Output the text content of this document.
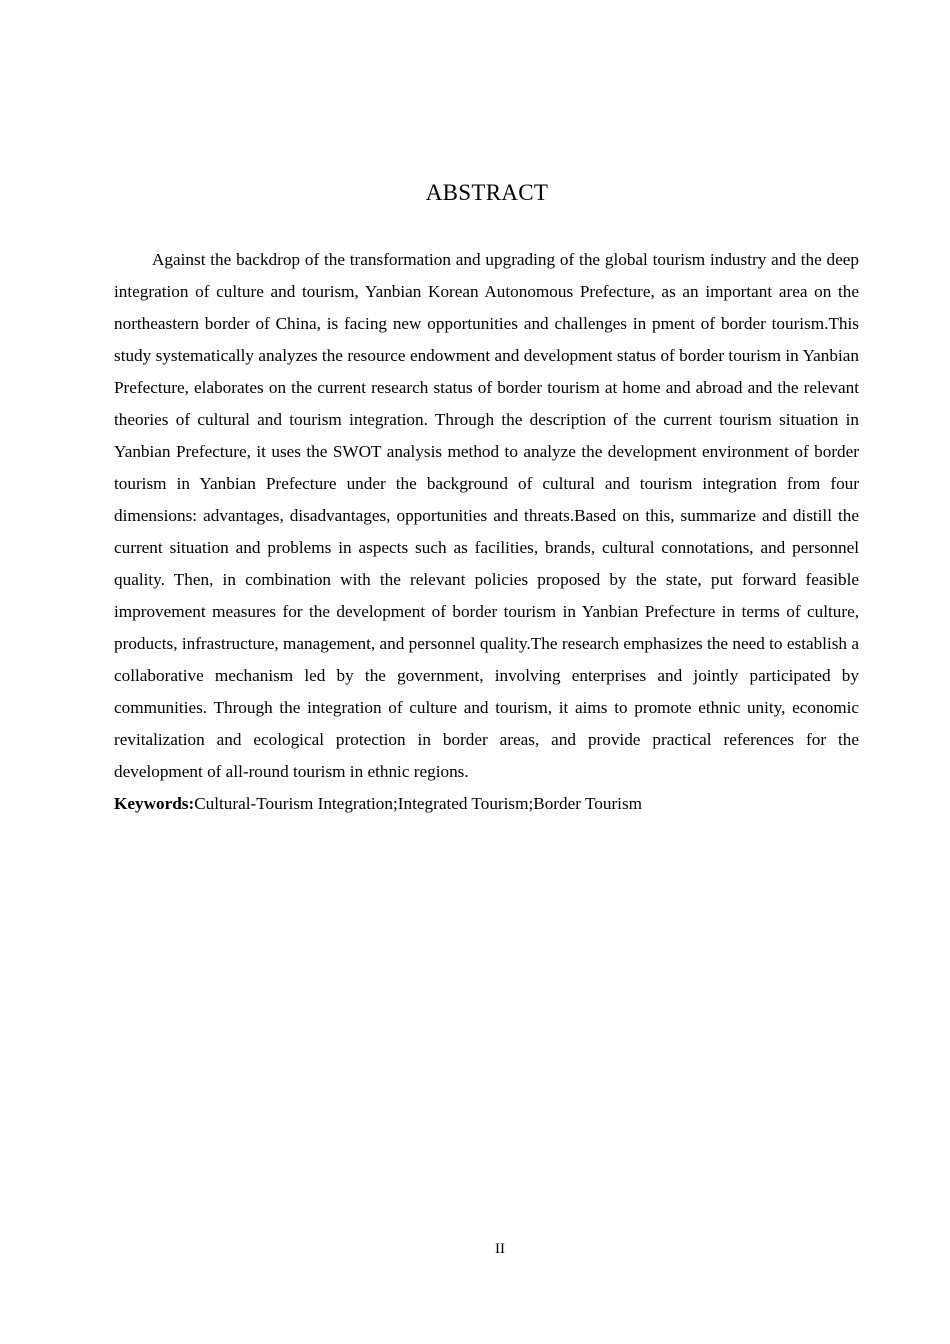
ABSTRACT

Against the backdrop of the transformation and upgrading of the global tourism industry and the deep integration of culture and tourism, Yanbian Korean Autonomous Prefecture, as an important area on the northeastern border of China, is facing new opportunities and challenges in pment of border tourism.This study systematically analyzes the resource endowment and development status of border tourism in Yanbian Prefecture, elaborates on the current research status of border tourism at home and abroad and the relevant theories of cultural and tourism integration. Through the description of the current tourism situation in Yanbian Prefecture, it uses the SWOT analysis method to analyze the development environment of border tourism in Yanbian Prefecture under the background of cultural and tourism integration from four dimensions: advantages, disadvantages, opportunities and threats.Based on this, summarize and distill the current situation and problems in aspects such as facilities, brands, cultural connotations, and personnel quality. Then, in combination with the relevant policies proposed by the state, put forward feasible improvement measures for the development of border tourism in Yanbian Prefecture in terms of culture, products, infrastructure, management, and personnel quality.The research emphasizes the need to establish a collaborative mechanism led by the government, involving enterprises and jointly participated by communities. Through the integration of culture and tourism, it aims to promote ethnic unity, economic revitalization and ecological protection in border areas, and provide practical references for the development of all-round tourism in ethnic regions.

Keywords:Cultural-Tourism Integration;Integrated Tourism;Border Tourism
II
